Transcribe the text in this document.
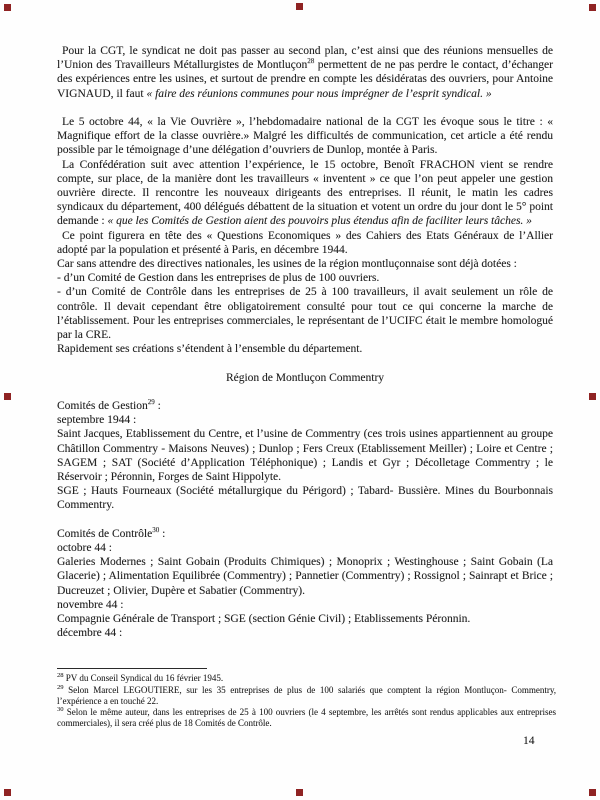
Pour la CGT, le syndicat ne doit pas passer au second plan, c’est ainsi que des réunions mensuelles de l’Union des Travailleurs Métallurgistes de Montluçon$^{28}$ permettent de ne pas perdre le contact, d’échanger des expériences entre les usines, et surtout de prendre en compte les désidératas des ouvriers, pour Antoine VIGNAUD, il faut « faire des réunions communes pour nous imprégner de l’esprit syndical. »

Le 5 octobre 44, « la Vie Ouvrière », l’hebdomadaire national de la CGT les évoque sous le titre : « Magnifique effort de la classe ouvrière.» Malgré les difficultés de communication, cet article a été rendu possible par le témoignage d’une délégation d’ouvriers de Dunlop, montée à Paris.

La Confédération suit avec attention l’expérience, le 15 octobre, Benoît FRACHON vient se rendre compte, sur place, de la manière dont les travailleurs « inventent » ce que l’on peut appeler une gestion ouvrière directe. Il rencontre les nouveaux dirigeants des entreprises. Il réunit, le matin les cadres syndicaux du département, 400 délégués débattent de la situation et votent un ordre du jour dont le 5° point demande : « que les Comités de Gestion aient des pouvoirs plus étendus afin de faciliter leurs tâches. »

Ce point figurera en tête des « Questions Economiques » des Cahiers des Etats Généraux de l’Allier adopté par la population et présenté à Paris, en décembre 1944.

Car sans attendre des directives nationales, les usines de la région montluçonnaise sont déjà dotées :

- d’un Comité de Gestion dans les entreprises de plus de 100 ouvriers.

- d’un Comité de Contrôle dans les entreprises de 25 à 100 travailleurs, il avait seulement un rôle de contrôle. Il devait cependant être obligatoirement consulté pour tout ce qui concerne la marche de l’établissement. Pour les entreprises commerciales, le représentant de l’UCIFC était le membre homologué par la CRE.

Rapidement ses créations s’étendent à l’ensemble du département.

Région de Montluçon Commentry

Comités de Gestion$^{29}$ :

septembre 1944 :

Saint Jacques, Etablissement du Centre, et l’usine de Commentry (ces trois usines appartiennent au groupe Châtillon Commentry - Maisons Neuves) ; Dunlop ; Fers Creux (Etablissement Meiller) ; Loire et Centre ; SAGEM ; SAT (Société d’Application Téléphonique) ; Landis et Gyr ; Décolletage Commentry ; le Réservoir ; Péronnin, Forges de Saint Hippolyte.

SGE ; Hauts Fourneaux (Société métallurgique du Périgord) ; Tabard- Bussière. Mines du Bourbonnais Commentry.

Comités de Contrôle$^{30}$ :

octobre 44 :

Galeries Modernes ; Saint Gobain (Produits Chimiques) ; Monoprix ; Westinghouse ; Saint Gobain (La Glacerie) ; Alimentation Equilibrée (Commentry) ; Pannetier (Commentry) ; Rossignol ; Sainrapt et Brice ; Ducreuzet ; Olivier, Dupère et Sabatier (Commentry).

novembre 44 :

Compagnie Générale de Transport ; SGE (section Génie Civil) ; Etablissements Péronnin.

décembre 44 :

$^{28}$ PV du Conseil Syndical du 16 février 1945.

$^{29}$ Selon Marcel LEGOUTIERE, sur les 35 entreprises de plus de 100 salariés que comptent la région Montluçon- Commentry, l’expérience a en touché 22.

$^{30}$ Selon le même auteur, dans les entreprises de 25 à 100 ouvriers (le 4 septembre, les arrêtés sont rendus applicables aux entreprises commerciales), il sera créé plus de 18 Comités de Contrôle.

14
